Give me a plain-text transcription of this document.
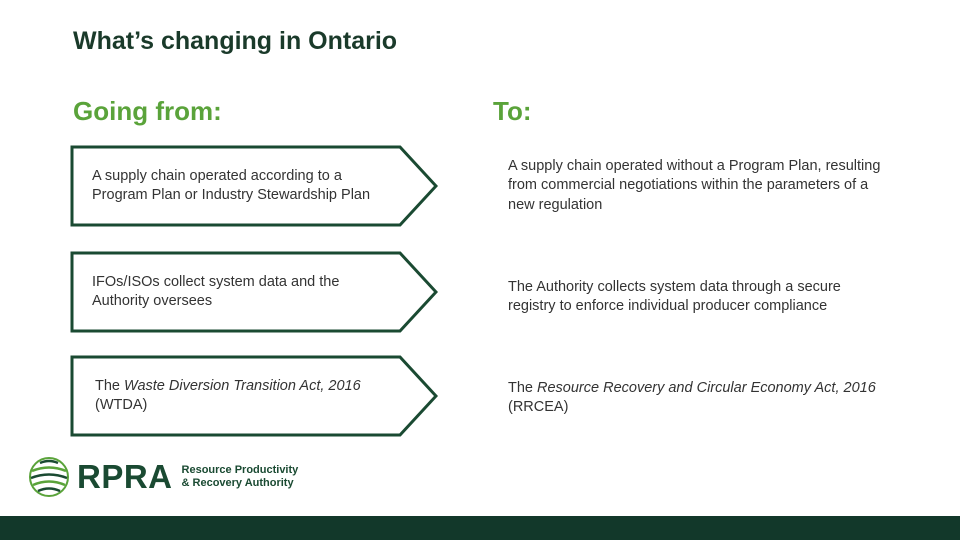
What’s changing in Ontario
Going from:	To:
A supply chain operated according to a Program Plan or Industry Stewardship Plan
A supply chain operated without a Program Plan, resulting from commercial negotiations within the parameters of a new regulation
IFOs/ISOs collect system data and the Authority oversees
The Authority collects system data through a secure registry to enforce individual producer compliance
The Waste Diversion Transition Act, 2016 (WTDA)
The Resource Recovery and Circular Economy Act, 2016 (RRCEA)
RPRA Resource Productivity
& Recovery Authority
